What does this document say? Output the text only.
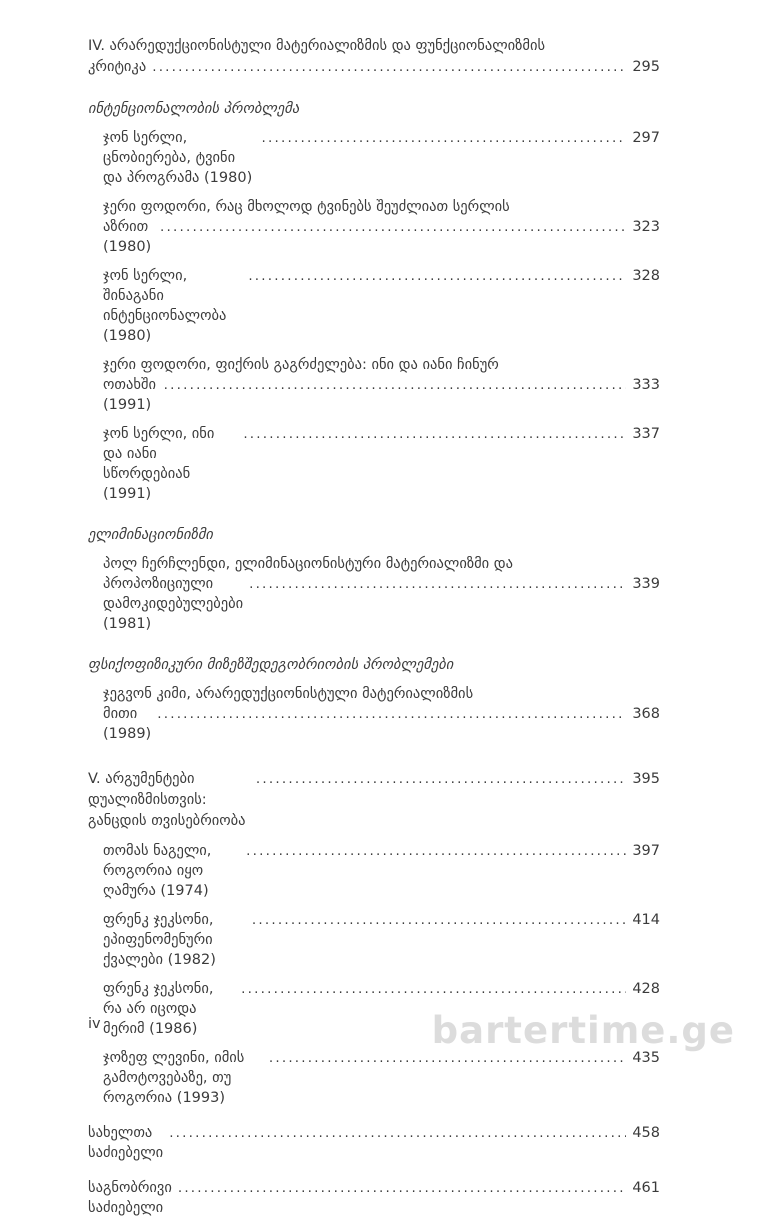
IV. არარედუქციონისტული მატერიალიზმის და ფუნქციონალიზმის
კრიტიკა .....	295
ინტენციონალობის პრობლემა
ჯონ სერლი, ცნობიერება, ტვინი და პროგრამა (1980)
.....
297
ჯერი ფოდორი, რაც მხოლოდ ტვინებს შეუძლიათ სერლის
აზრით (1980)
.....
323
ჯონ სერლი, შინაგანი ინტენციონალობა (1980)
.....
328
ჯერი ფოდორი, ფიქრის გაგრძელება: ინი და იანი ჩინურ
ოთახში (1991)
.....
333
ჯონ სერლი, ინი და იანი სწორდებიან (1991)
.....
337
ელიმინაციონიზმი
პოლ ჩერჩლენდი, ელიმინაციონისტური მატერიალიზმი და
პროპოზიციული დამოკიდებულებები (1981)
.....
339
ფსიქოფიზიკური მიზეზშედეგობრიობის პრობლემები
ჯეგვონ კიმი, არარედუქციონისტული მატერიალიზმის
მითი (1989)
.....
368
V. არგუმენტები დუალიზმისთვის: განცდის თვისებრიობა
.....
395
თომას ნაგელი, როგორია იყო ღამურა (1974)
.....
397
ფრენკ ჯეკსონი, ეპიფენომენური ქვალები (1982)
.....
414
ფრენკ ჯეკსონი, რა არ იცოდა მერიმ (1986)
.....
428
ჯოზეფ ლევინი, იმის გამოტოვებაზე, თუ როგორია (1993)
.....
435
სახელთა საძიებელი
.....
458
საგნობრივი საძიებელი
.....
461
iv	bartertime.ge
